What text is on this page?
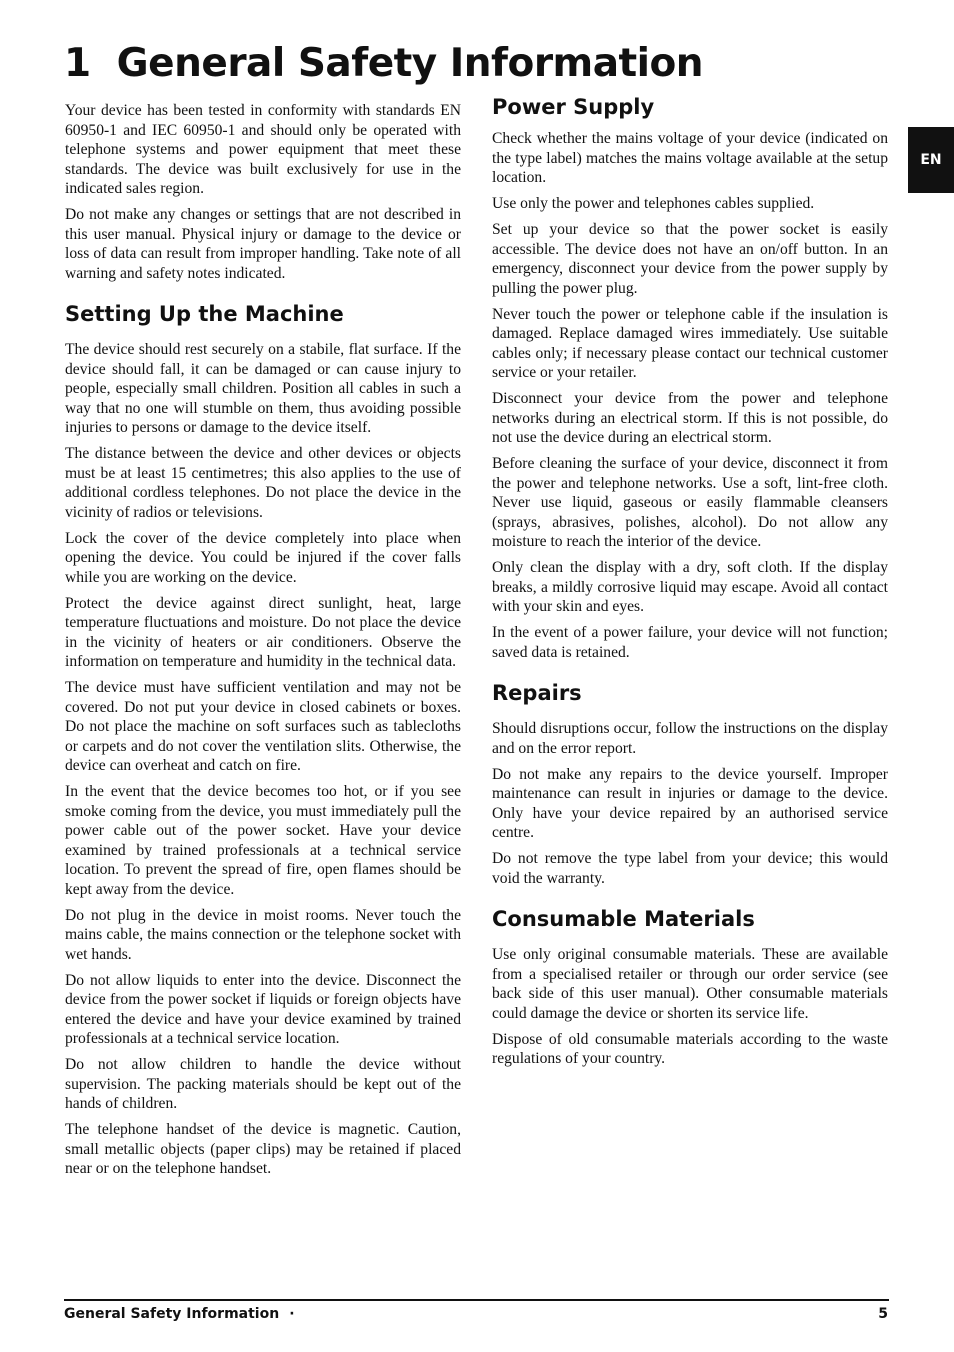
1 General Safety Information
EN

Your device has been tested in conformity with standards EN 60950-1 and IEC 60950-1 and should only be operated with telephone systems and power equipment that meet these standards. The device was built exclusively for use in the indicated sales region.

Do not make any changes or settings that are not described in this user manual. Physical injury or damage to the device or loss of data can result from improper handling. Take note of all warning and safety notes indicated.

Setting Up the Machine

The device should rest securely on a stabile, flat surface. If the device should fall, it can be damaged or can cause injury to people, especially small children. Position all cables in such a way that no one will stumble on them, thus avoiding possible injuries to persons or damage to the device itself.

The distance between the device and other devices or objects must be at least 15 centimetres; this also applies to the use of additional cordless telephones. Do not place the device in the vicinity of radios or televisions.

Lock the cover of the device completely into place when opening the device. You could be injured if the cover falls while you are working on the device.

Protect the device against direct sunlight, heat, large temperature fluctuations and moisture. Do not place the device in the vicinity of heaters or air conditioners. Observe the information on temperature and humidity in the technical data.

The device must have sufficient ventilation and may not be covered. Do not put your device in closed cabinets or boxes. Do not place the machine on soft surfaces such as tablecloths or carpets and do not cover the ventilation slits. Otherwise, the device can overheat and catch on fire.

In the event that the device becomes too hot, or if you see smoke coming from the device, you must immediately pull the power cable out of the power socket. Have your device examined by trained professionals at a technical service location. To prevent the spread of fire, open flames should be kept away from the device.

Do not plug in the device in moist rooms. Never touch the mains cable, the mains connection or the telephone socket with wet hands.

Do not allow liquids to enter into the device. Disconnect the device from the power socket if liquids or foreign objects have entered the device and have your device examined by trained professionals at a technical service location.

Do not allow children to handle the device without supervision. The packing materials should be kept out of the hands of children.

The telephone handset of the device is magnetic. Caution, small metallic objects (paper clips) may be retained if placed near or on the telephone handset.

Power Supply

Check whether the mains voltage of your device (indicated on the type label) matches the mains voltage available at the setup location.

Use only the power and telephones cables supplied.

Set up your device so that the power socket is easily accessible. The device does not have an on/off button. In an emergency, disconnect your device from the power supply by pulling the power plug.

Never touch the power or telephone cable if the insulation is damaged. Replace damaged wires immediately. Use suitable cables only; if necessary please contact our technical customer service or your retailer.

Disconnect your device from the power and telephone networks during an electrical storm. If this is not possible, do not use the device during an electrical storm.

Before cleaning the surface of your device, disconnect it from the power and telephone networks. Use a soft, lint-free cloth. Never use liquid, gaseous or easily flammable cleansers (sprays, abrasives, polishes, alcohol). Do not allow any moisture to reach the interior of the device.

Only clean the display with a dry, soft cloth. If the display breaks, a mildly corrosive liquid may escape. Avoid all contact with your skin and eyes.

In the event of a power failure, your device will not function; saved data is retained.

Repairs

Should disruptions occur, follow the instructions on the display and on the error report.

Do not make any repairs to the device yourself. Improper maintenance can result in injuries or damage to the device. Only have your device repaired by an authorised service centre.

Do not remove the type label from your device; this would void the warranty.

Consumable Materials

Use only original consumable materials. These are available from a specialised retailer or through our order service (see back side of this user manual). Other consumable materials could damage the device or shorten its service life.

Dispose of old consumable materials according to the waste regulations of your country.

General Safety Information ·	5
